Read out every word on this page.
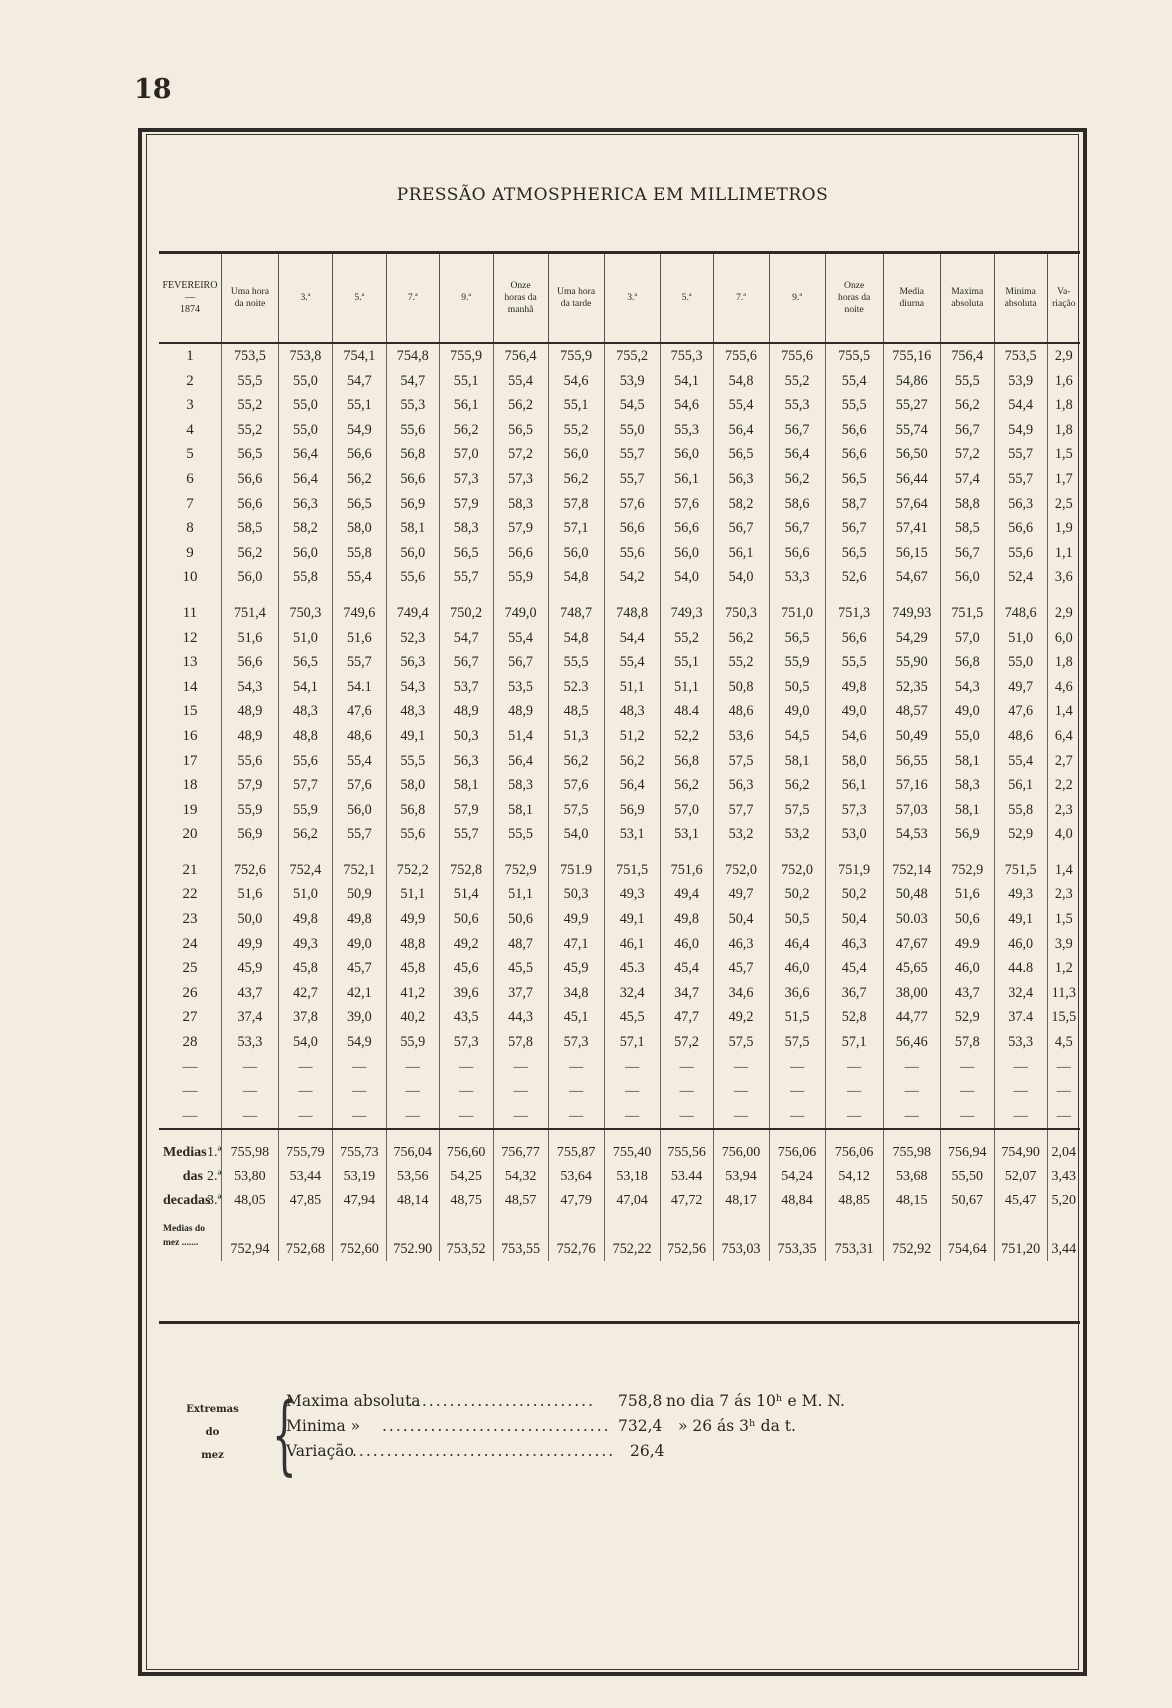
18
PRESSÃO ATMOSPHERICA EM MILLIMETROS
FEVEREIRO
—
1874	Uma hora da noite	3.ª	5.ª	7.ª	9.ª	Onze horas da manhã	Uma hora da tarde	3.ª	5.ª	7.ª	9.ª	Onze horas da noite	Media diurna	Maxima absoluta	Minima absoluta	Va-riação
1	753,5	753,8	754,1	754,8	755,9	756,4	755,9	755,2	755,3	755,6	755,6	755,5	755,16	756,4	753,5	2,9
2	55,5	55,0	54,7	54,7	55,1	55,4	54,6	53,9	54,1	54,8	55,2	55,4	54,86	55,5	53,9	1,6
3	55,2	55,0	55,1	55,3	56,1	56,2	55,1	54,5	54,6	55,4	55,3	55,5	55,27	56,2	54,4	1,8
4	55,2	55,0	54,9	55,6	56,2	56,5	55,2	55,0	55,3	56,4	56,7	56,6	55,74	56,7	54,9	1,8
5	56,5	56,4	56,6	56,8	57,0	57,2	56,0	55,7	56,0	56,5	56,4	56,6	56,50	57,2	55,7	1,5
6	56,6	56,4	56,2	56,6	57,3	57,3	56,2	55,7	56,1	56,3	56,2	56,5	56,44	57,4	55,7	1,7
7	56,6	56,3	56,5	56,9	57,9	58,3	57,8	57,6	57,6	58,2	58,6	58,7	57,64	58,8	56,3	2,5
8	58,5	58,2	58,0	58,1	58,3	57,9	57,1	56,6	56,6	56,7	56,7	56,7	57,41	58,5	56,6	1,9
9	56,2	56,0	55,8	56,0	56,5	56,6	56,0	55,6	56,0	56,1	56,6	56,5	56,15	56,7	55,6	1,1
10	56,0	55,8	55,4	55,6	55,7	55,9	54,8	54,2	54,0	54,0	53,3	52,6	54,67	56,0	52,4	3,6

11	751,4	750,3	749,6	749,4	750,2	749,0	748,7	748,8	749,3	750,3	751,0	751,3	749,93	751,5	748,6	2,9
12	51,6	51,0	51,6	52,3	54,7	55,4	54,8	54,4	55,2	56,2	56,5	56,6	54,29	57,0	51,0	6,0
13	56,6	56,5	55,7	56,3	56,7	56,7	55,5	55,4	55,1	55,2	55,9	55,5	55,90	56,8	55,0	1,8
14	54,3	54,1	54.1	54,3	53,7	53,5	52.3	51,1	51,1	50,8	50,5	49,8	52,35	54,3	49,7	4,6
15	48,9	48,3	47,6	48,3	48,9	48,9	48,5	48,3	48.4	48,6	49,0	49,0	48,57	49,0	47,6	1,4
16	48,9	48,8	48,6	49,1	50,3	51,4	51,3	51,2	52,2	53,6	54,5	54,6	50,49	55,0	48,6	6,4
17	55,6	55,6	55,4	55,5	56,3	56,4	56,2	56,2	56,8	57,5	58,1	58,0	56,55	58,1	55,4	2,7
18	57,9	57,7	57,6	58,0	58,1	58,3	57,6	56,4	56,2	56,3	56,2	56,1	57,16	58,3	56,1	2,2
19	55,9	55,9	56,0	56,8	57,9	58,1	57,5	56,9	57,0	57,7	57,5	57,3	57,03	58,1	55,8	2,3
20	56,9	56,2	55,7	55,6	55,7	55,5	54,0	53,1	53,1	53,2	53,2	53,0	54,53	56,9	52,9	4,0

21	752,6	752,4	752,1	752,2	752,8	752,9	751.9	751,5	751,6	752,0	752,0	751,9	752,14	752,9	751,5	1,4
22	51,6	51,0	50,9	51,1	51,4	51,1	50,3	49,3	49,4	49,7	50,2	50,2	50,48	51,6	49,3	2,3
23	50,0	49,8	49,8	49,9	50,6	50,6	49,9	49,1	49,8	50,4	50,5	50,4	50.03	50,6	49,1	1,5
24	49,9	49,3	49,0	48,8	49,2	48,7	47,1	46,1	46,0	46,3	46,4	46,3	47,67	49.9	46,0	3,9
25	45,9	45,8	45,7	45,8	45,6	45,5	45,9	45.3	45,4	45,7	46,0	45,4	45,65	46,0	44.8	1,2
26	43,7	42,7	42,1	41,2	39,6	37,7	34,8	32,4	34,7	34,6	36,6	36,7	38,00	43,7	32,4	11,3
27	37,4	37,8	39,0	40,2	43,5	44,3	45,1	45,5	47,7	49,2	51,5	52,8	44,77	52,9	37.4	15,5
28	53,3	54,0	54,9	55,9	57,3	57,8	57,3	57,1	57,2	57,5	57,5	57,1	56,46	57,8	53,3	4,5
—	—	—	—	—	—	—	—	—	—	—	—	—	—	—	—	—
—	—	—	—	—	—	—	—	—	—	—	—	—	—	—	—	—
—	—	—	—	—	—	—	—	—	—	—	—	—	—	—	—	—

Medias1.ª	755,98	755,79	755,73	756,04	756,60	756,77	755,87	755,40	755,56	756,00	756,06	756,06	755,98	756,94	754,90	2,04
das 2.ª	53,80	53,44	53,19	53,56	54,25	54,32	53,64	53,18	53.44	53,94	54,24	54,12	53,68	55,50	52,07	3,43
decadas3.ª	48,05	47,85	47,94	48,14	48,75	48,57	47,79	47,04	47,72	48,17	48,84	48,85	48,15	50,67	45,47	5,20

Medias do
mez .......	752,94	752,68	752,60	752.90	753,52	753,55	752,76	752,22	752,56	753,03	753,35	753,31	752,92	754,64	751,20	3,44
Extremas
do
mez {
Maxima absoluta
........................... 758,8 no dia 7 ás 10ʰ e M. N.
Minima » ................................. 732,4 » 26 ás 3ʰ da t.
Variação
...................................... 26,4
